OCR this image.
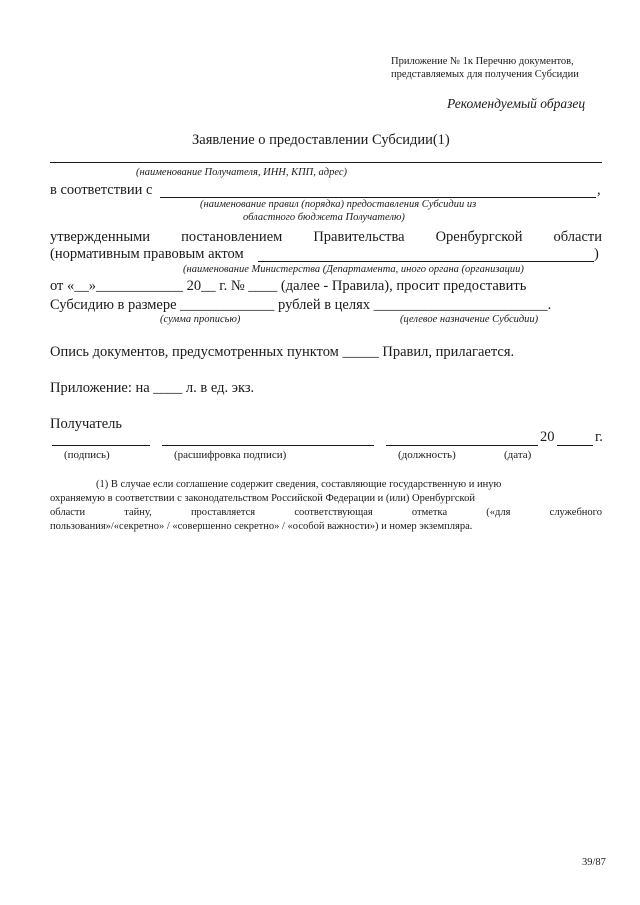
Приложение № 1к Перечню документов,
представляемых для получения Субсидии
Рекомендуемый образец
Заявление о предоставлении Субсидии(1)
(наименование Получателя, ИНН, КПП, адрес)
в соответствии с	,
(наименование правил (порядка) предоставления Субсидии из
областного бюджета Получателю)
утвержденными постановлением Правительства Оренбургской области
(нормативным правовым актом	)
(наименование Министерства (Департамента, иного органа (организации)
от «__»____________ 20__ г. № ____ (далее - Правила), просит предоставить
Субсидию в размере _____________ рублей в целях ________________________.
(сумма прописью)	(целевое назначение Субсидии)
Опись документов, предусмотренных пунктом _____ Правил, прилагается.
Приложение: на ____ л. в ед. экз.
Получатель
20	г.
(подпись)	(расшифровка подписи)	(должность)	(дата)
(1) В случае если соглашение содержит сведения, составляющие государственную и иную
охраняемую в соответствии с законодательством Российской Федерации и (или) Оренбургской
области	тайну,	проставляется	соответствующая	отметка	(«для	служебного
пользования»/«секретно» / «совершенно секретно» / «особой важности») и номер экземпляра.
39/87
